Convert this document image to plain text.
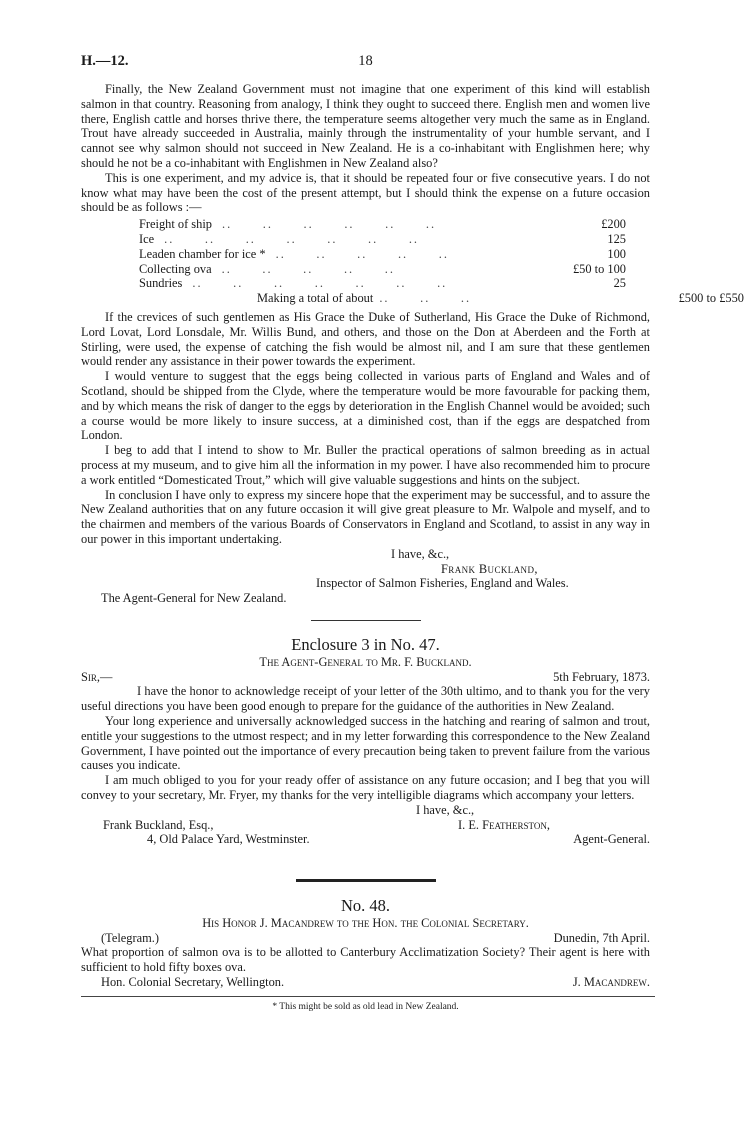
H.—12.	18

Finally, the New Zealand Government must not imagine that one experiment of this kind will establish salmon in that country. Reasoning from analogy, I think they ought to succeed there. English men and women live there, English cattle and horses thrive there, the temperature seems altogether very much the same as in England. Trout have already succeeded in Australia, mainly through the instrumentality of your humble servant, and I cannot see why salmon should not succeed in New Zealand. He is a co-inhabitant with Englishmen here; why should he not be a co-inhabitant with Englishmen in New Zealand also?

This is one experiment, and my advice is, that it should be repeated four or five consecutive years. I do not know what may have been the cost of the present attempt, but I should think the expense on a future occasion should be as follows :—

Freight of ship ..      ..      ..      ..      ..      ..	£200
Ice ..      ..      ..      ..      ..      ..      ..	125
Leaden chamber for ice * ..      ..      ..      ..      ..	100
Collecting ova ..      ..      ..      ..      ..	£50 to 100
Sundries ..      ..      ..      ..      ..      ..      ..	25
Making a total of about ..      ..      ..	£500 to £550

If the crevices of such gentlemen as His Grace the Duke of Sutherland, His Grace the Duke of Richmond, Lord Lovat, Lord Lonsdale, Mr. Willis Bund, and others, and those on the Don at Aberdeen and the Forth at Stirling, were used, the expense of catching the fish would be almost nil, and I am sure that these gentlemen would render any assistance in their power towards the experiment.

I would venture to suggest that the eggs being collected in various parts of England and Wales and of Scotland, should be shipped from the Clyde, where the temperature would be more favourable for packing them, and by which means the risk of danger to the eggs by deterioration in the English Channel would be avoided; such a course would be more likely to insure success, at a diminished cost, than if the eggs are despatched from London.

I beg to add that I intend to show to Mr. Buller the practical operations of salmon breeding as in actual process at my museum, and to give him all the information in my power. I have also recommended him to procure a work entitled “Domesticated Trout,” which will give valuable suggestions and hints on the subject.

In conclusion I have only to express my sincere hope that the experiment may be successful, and to assure the New Zealand authorities that on any future occasion it will give great pleasure to Mr. Walpole and myself, and to the chairmen and members of the various Boards of Conservators in England and Scotland, to assist in any way in our power in this important undertaking.

I have, &c.,
Frank Buckland,
Inspector of Salmon Fisheries, England and Wales.
The Agent-General for New Zealand.
Enclosure 3 in No. 47.
The Agent-General to Mr. F. Buckland.
Sir,—	5th February, 1873.

I have the honor to acknowledge receipt of your letter of the 30th ultimo, and to thank you for the very useful directions you have been good enough to prepare for the guidance of the authorities in New Zealand.

Your long experience and universally acknowledged success in the hatching and rearing of salmon and trout, entitle your suggestions to the utmost respect; and in my letter forwarding this correspondence to the New Zealand Government, I have pointed out the importance of every precaution being taken to prevent failure from the various causes you indicate.

I am much obliged to you for your ready offer of assistance on any future occasion; and I beg that you will convey to your secretary, Mr. Fryer, my thanks for the very intelligible diagrams which accompany your letters.

I have, &c.,
Frank Buckland, Esq.,	I. E. Featherston,
4, Old Palace Yard, Westminster.	Agent-General.
No. 48.
His Honor J. Macandrew to the Hon. the Colonial Secretary.
(Telegram.)	Dunedin, 7th April.

What proportion of salmon ova is to be allotted to Canterbury Acclimatization Society? Their agent is here with sufficient to hold fifty boxes ova.

Hon. Colonial Secretary, Wellington.	J. Macandrew.
* This might be sold as old lead in New Zealand.
